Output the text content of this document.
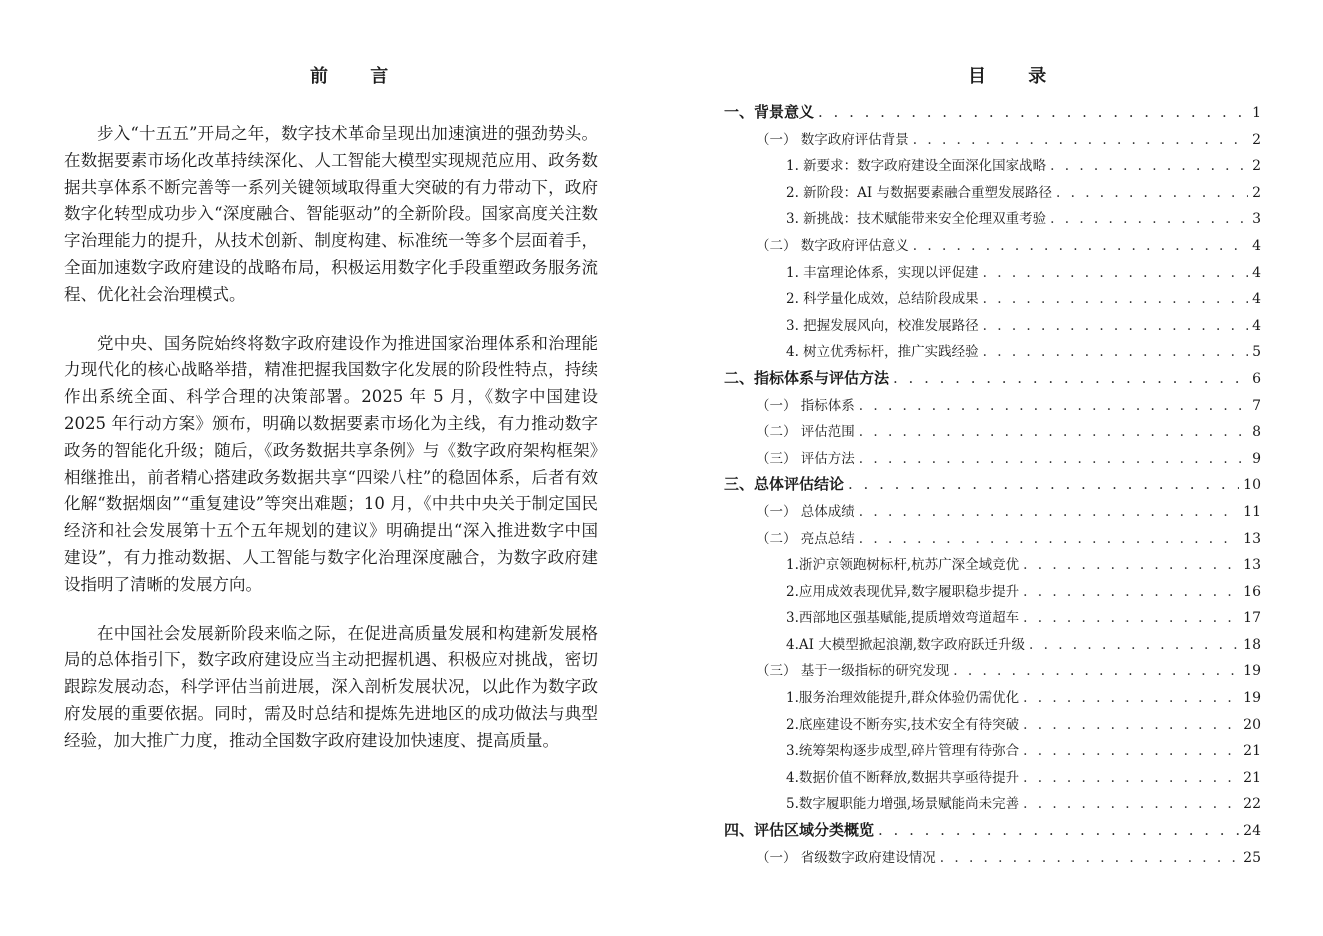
前 言

步入“十五五”开局之年，数字技术革命呈现出加速演进的强劲势头。在数据要素市场化改革持续深化、人工智能大模型实现规范应用、政务数据共享体系不断完善等一系列关键领域取得重大突破的有力带动下，政府数字化转型成功步入“深度融合、智能驱动”的全新阶段。国家高度关注数字治理能力的提升，从技术创新、制度构建、标准统一等多个层面着手，全面加速数字政府建设的战略布局，积极运用数字化手段重塑政务服务流程、优化社会治理模式。

党中央、国务院始终将数字政府建设作为推进国家治理体系和治理能力现代化的核心战略举措，精准把握我国数字化发展的阶段性特点，持续作出系统全面、科学合理的决策部署。2025 年 5 月，《数字中国建设 2025 年行动方案》颁布，明确以数据要素市场化为主线，有力推动数字政务的智能化升级；随后，《政务数据共享条例》与《数字政府架构框架》相继推出，前者精心搭建政务数据共享“四梁八柱”的稳固体系，后者有效化解“数据烟囱”“重复建设”等突出难题；10 月，《中共中央关于制定国民经济和社会发展第十五个五年规划的建议》明确提出“深入推进数字中国建设”，有力推动数据、人工智能与数字化治理深度融合，为数字政府建设指明了清晰的发展方向。

在中国社会发展新阶段来临之际，在促进高质量发展和构建新发展格局的总体指引下，数字政府建设应当主动把握机遇、积极应对挑战，密切跟踪发展动态，科学评估当前进展，深入剖析发展状况，以此作为数字政府发展的重要依据。同时，需及时总结和提炼先进地区的成功做法与典型经验，加大推广力度，推动全国数字政府建设加快速度、提高质量。

目 录
一、背景意义 . . .	1
（一） 数字政府评估背景 . . .	2
1. 新要求：数字政府建设全面深化国家战略 . . .	2
2. 新阶段：AI 与数据要素融合重塑发展路径 . . .	2
3. 新挑战：技术赋能带来安全伦理双重考验 . . .	3
（二） 数字政府评估意义 . . .	4
1. 丰富理论体系，实现以评促建 . . .	4
2. 科学量化成效，总结阶段成果 . . .	4
3. 把握发展风向，校准发展路径 . . .	4
4. 树立优秀标杆，推广实践经验 . . .	5
二、指标体系与评估方法 . . .	6
（一） 指标体系 . . .	7
（二） 评估范围 . . .	8
（三） 评估方法 . . .	9
三、总体评估结论 . . .	10
（一） 总体成绩 . . .	11
（二） 亮点总结 . . .	13
1.浙沪京领跑树标杆,杭苏广深全域竞优 . . .	13
2.应用成效表现优异,数字履职稳步提升 . . .	16
3.西部地区强基赋能,提质增效弯道超车 . . .	17
4.AI 大模型掀起浪潮,数字政府跃迁升级 . . .	18
（三） 基于一级指标的研究发现 . . .	19
1.服务治理效能提升,群众体验仍需优化 . . .	19
2.底座建设不断夯实,技术安全有待突破 . . .	20
3.统筹架构逐步成型,碎片管理有待弥合 . . .	21
4.数据价值不断释放,数据共享亟待提升 . . .	21
5.数字履职能力增强,场景赋能尚未完善 . . .	22
四、评估区域分类概览 . . .	24
（一） 省级数字政府建设情况 . . .	25
